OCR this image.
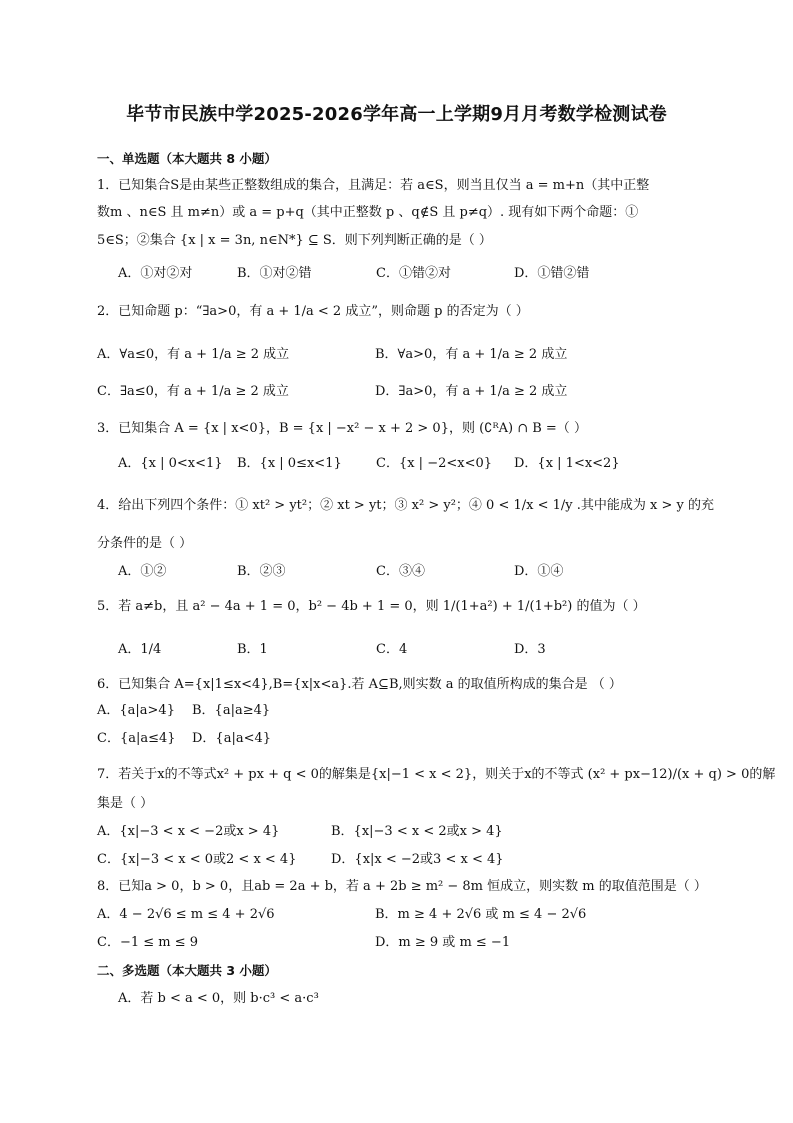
毕节市民族中学2025-2026学年高一上学期9月月考数学检测试卷
一、单选题（本大题共 8 小题）
1．已知集合S是由某些正整数组成的集合，且满足：若 a∈S，则当且仅当 a = m+n（其中正整
数m 、n∈S 且 m≠n）或 a = p+q（其中正整数 p 、q∉S 且 p≠q）. 现有如下两个命题：①
5∈S；②集合 {x | x = 3n, n∈N*} ⊆ S．则下列判断正确的是（ ）
A．①对②对	B．①对②错	C．①错②对	D．①错②错
2．已知命题 p：“∃a>0，有 a + 1/a < 2 成立”，则命题 p 的否定为（ ）
A．∀a≤0，有 a + 1/a ≥ 2 成立	B．∀a>0，有 a + 1/a ≥ 2 成立
C．∃a≤0，有 a + 1/a ≥ 2 成立	D．∃a>0，有 a + 1/a ≥ 2 成立
3．已知集合 A = {x | x<0}，B = {x | −x² − x + 2 > 0}，则 (∁ᴿA) ∩ B =（ ）
A．{x | 0<x<1} B．{x | 0≤x<1}	C．{x | −2<x<0} D．{x | 1<x<2}
4．给出下列四个条件：① xt² > yt²；② xt > yt；③ x² > y²；④ 0 < 1/x < 1/y .其中能成为 x > y 的充
分条件的是（ ）
A．①②	B．②③	C．③④	D．①④
5．若 a≠b，且 a² − 4a + 1 = 0，b² − 4b + 1 = 0，则 1/(1+a²) + 1/(1+b²) 的值为（ ）
A．1/4	B．1	C．4	D．3
6．已知集合 A={x|1≤x<4},B={x|x<a}.若 A⊆B,则实数 a 的取值所构成的集合是 （ ）
A．{a|a>4} B．{a|a≥4}
C．{a|a≤4} D．{a|a<4}
7．若关于x的不等式x² + px + q < 0的解集是{x|−1 < x < 2}，则关于x的不等式 (x² + px−12)/(x + q) > 0的解
集是（ ）
A．{x|−3 < x < −2或x > 4}	B．{x|−3 < x < 2或x > 4}
C．{x|−3 < x < 0或2 < x < 4}	D．{x|x < −2或3 < x < 4}
8．已知a > 0，b > 0，且ab = 2a + b，若 a + 2b ≥ m² − 8m 恒成立，则实数 m 的取值范围是（ ）
A．4 − 2√6 ≤ m ≤ 4 + 2√6	B．m ≥ 4 + 2√6 或 m ≤ 4 − 2√6
C．−1 ≤ m ≤ 9	D．m ≥ 9 或 m ≤ −1
二、多选题（本大题共 3 小题）
A．若 b < a < 0，则 b·c³ < a·c³
